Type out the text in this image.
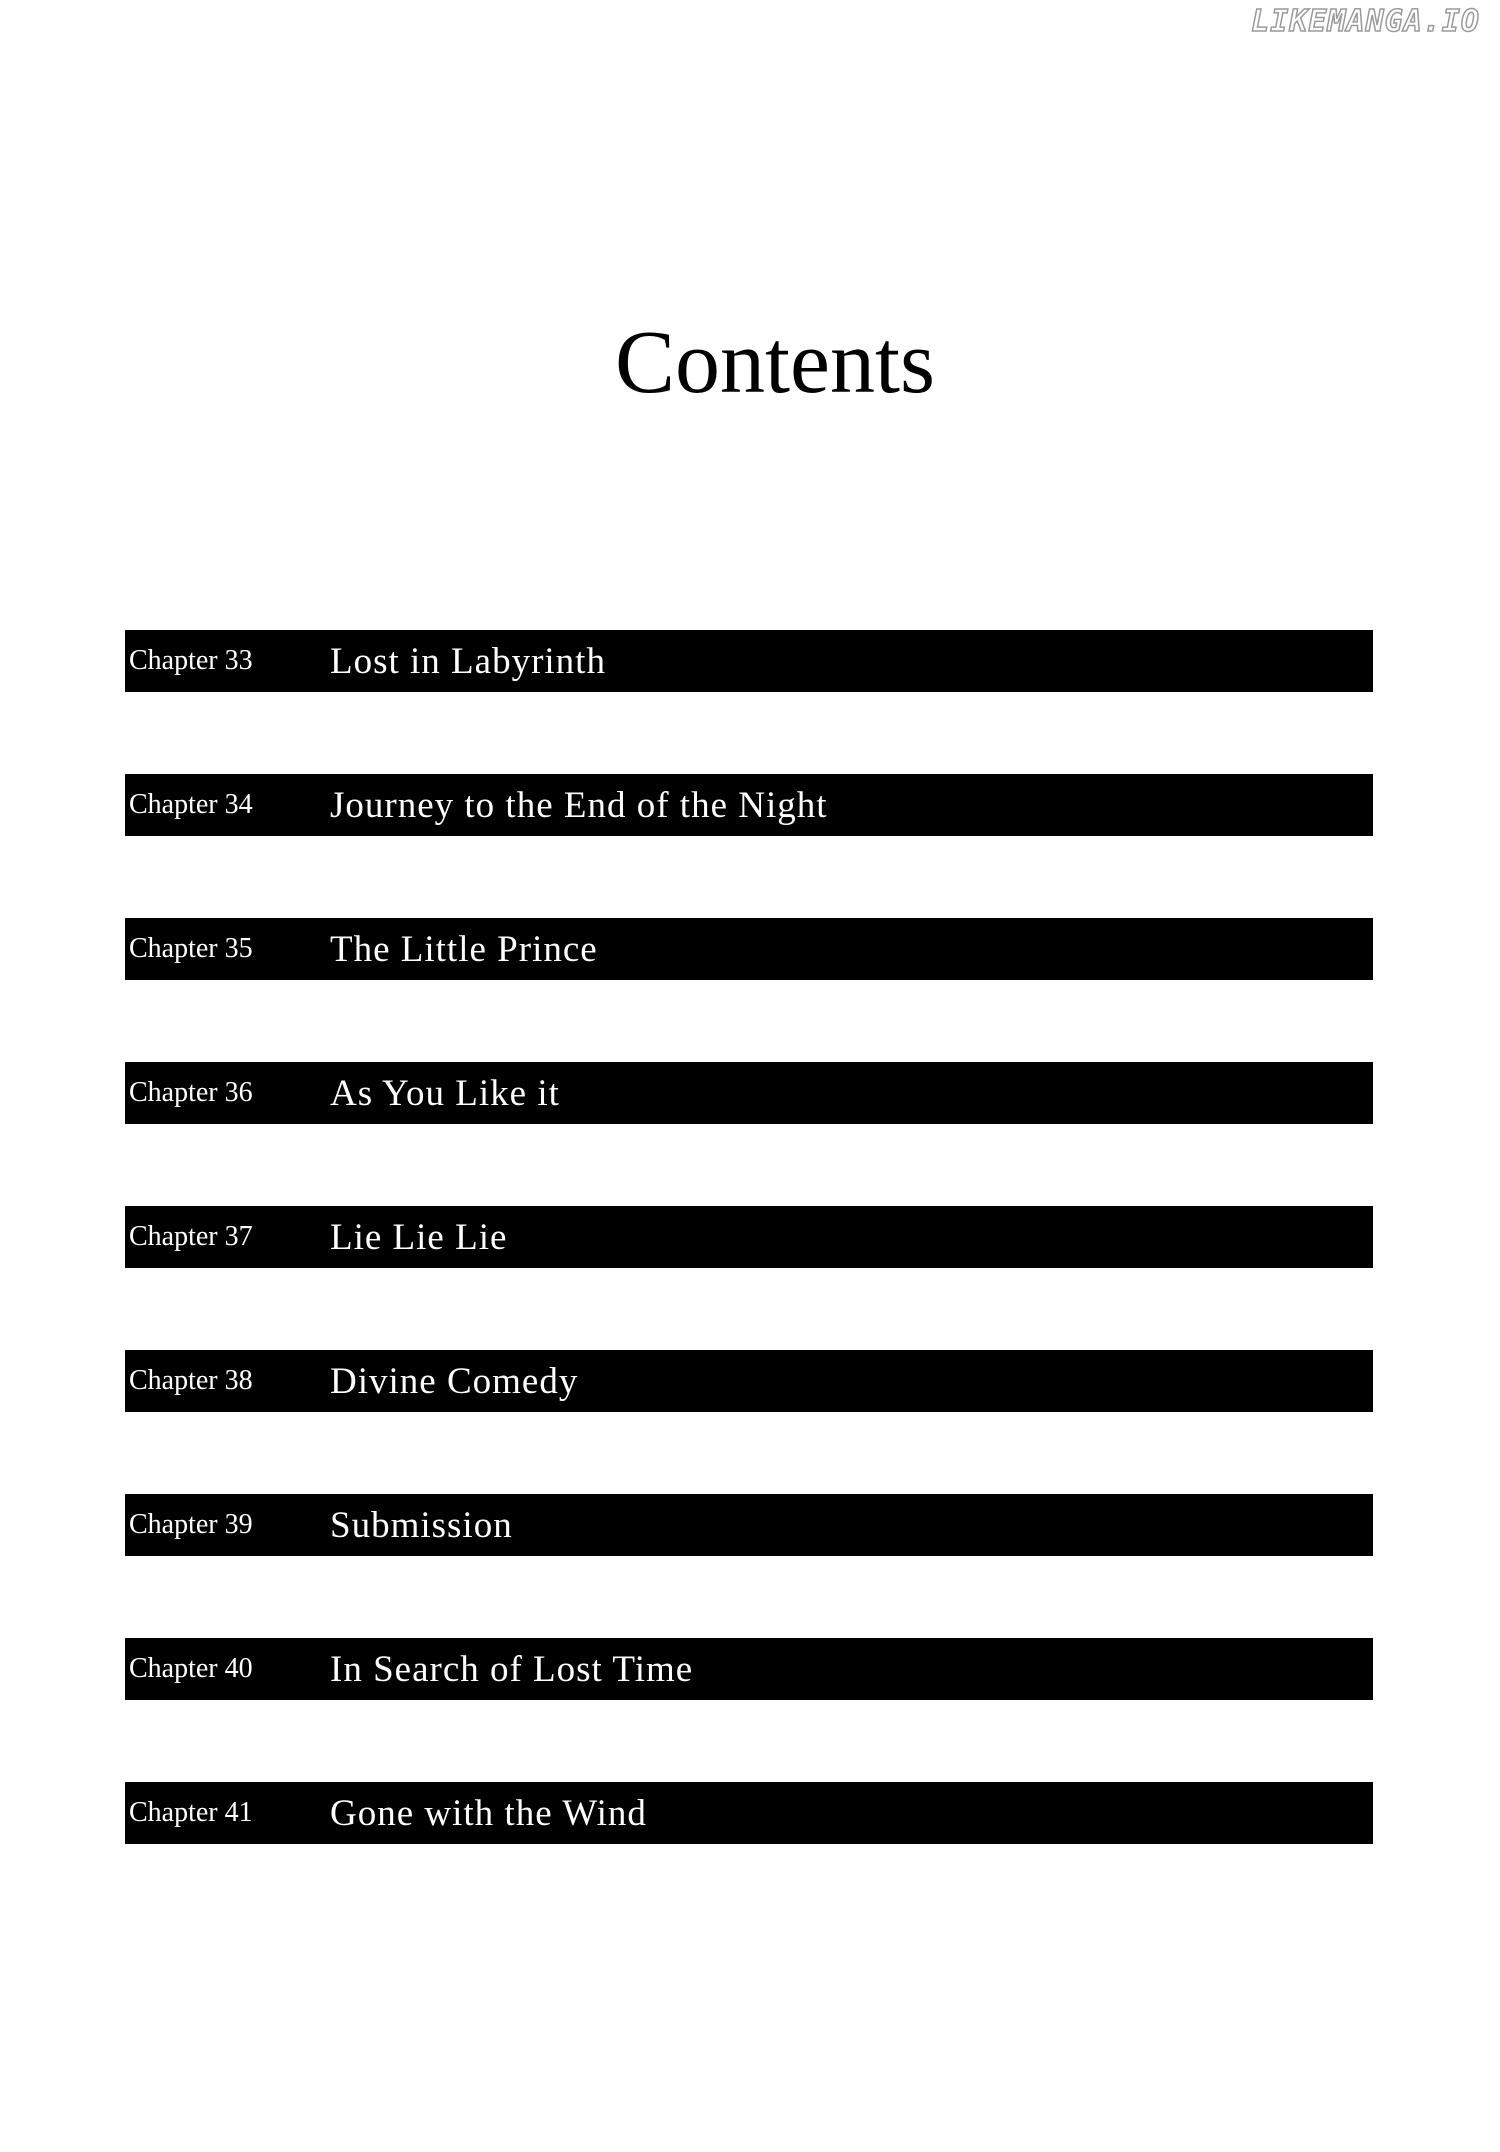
LIKEMANGA.IO
Contents
Chapter 33	Lost in Labyrinth
Chapter 34	Journey to the End of the Night
Chapter 35	The Little Prince
Chapter 36	As You Like it
Chapter 37	Lie Lie Lie
Chapter 38	Divine Comedy
Chapter 39	Submission
Chapter 40	In Search of Lost Time
Chapter 41	Gone with the Wind
